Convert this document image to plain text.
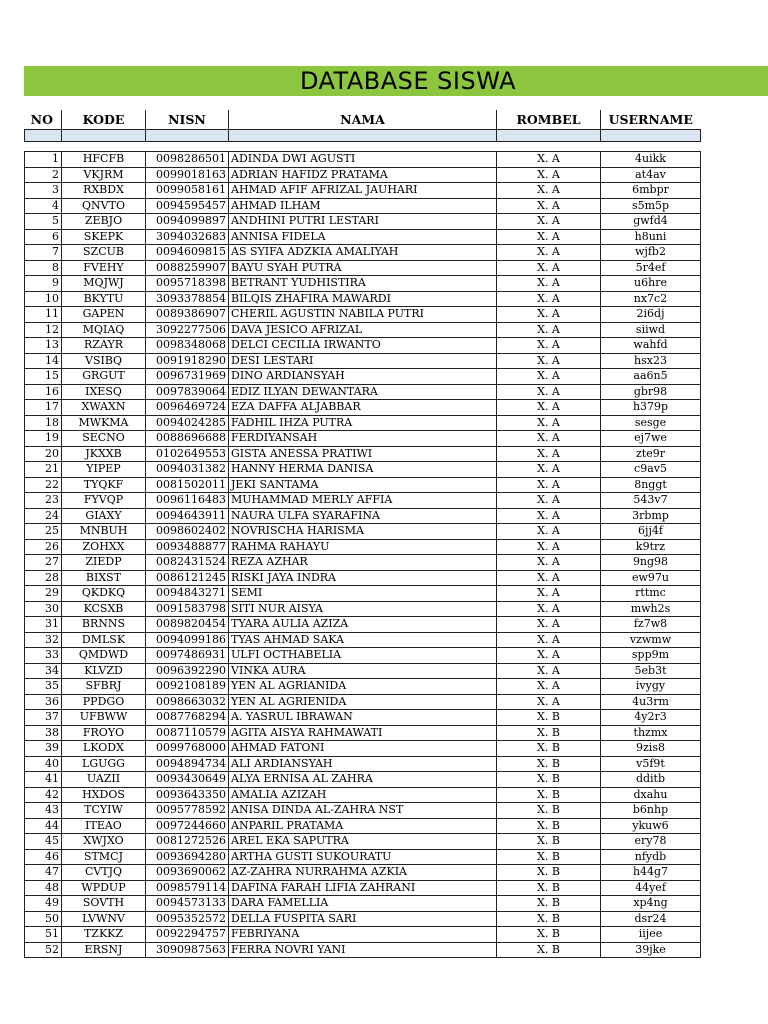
DATABASE SISWA
NO	KODE	NISN	NAMA	ROMBEL	USERNAME

1	HFCFB	0098286501	ADINDA DWI AGUSTI	X. A	4uikk
2	VKJRM	0099018163	ADRIAN HAFIDZ PRATAMA	X. A	at4av
3	RXBDX	0099058161	AHMAD AFIF AFRIZAL JAUHARI	X. A	6mbpr
4	QNVTO	0094595457	AHMAD ILHAM	X. A	s5m5p
5	ZEBJO	0094099897	ANDHINI PUTRI LESTARI	X. A	gwfd4
6	SKEPK	3094032683	ANNISA FIDELA	X. A	h8uni
7	SZCUB	0094609815	AS SYIFA ADZKIA AMALIYAH	X. A	wjfb2
8	FVEHY	0088259907	BAYU SYAH PUTRA	X. A	5r4ef
9	MQJWJ	0095718398	BETRANT YUDHISTIRA	X. A	u6hre
10	BKYTU	3093378854	BILQIS ZHAFIRA MAWARDI	X. A	nx7c2
11	GAPEN	0089386907	CHERIL AGUSTIN NABILA PUTRI	X. A	2i6dj
12	MQIAQ	3092277506	DAVA JESICO AFRIZAL	X. A	siiwd
13	RZAYR	0098348068	DELCI CECILIA IRWANTO	X. A	wahfd
14	VSIBQ	0091918290	DESI LESTARI	X. A	hsx23
15	GRGUT	0096731969	DINO ARDIANSYAH	X. A	aa6n5
16	IXESQ	0097839064	EDIZ ILYAN DEWANTARA	X. A	gbr98
17	XWAXN	0096469724	EZA DAFFA ALJABBAR	X. A	h379p
18	MWKMA	0094024285	FADHIL IHZA PUTRA	X. A	sesge
19	SECNO	0088696688	FERDIYANSAH	X. A	ej7we
20	JKXXB	0102649553	GISTA ANESSA PRATIWI	X. A	zte9r
21	YIPEP	0094031382	HANNY HERMA DANISA	X. A	c9av5
22	TYQKF	0081502011	JEKI SANTAMA	X. A	8nggt
23	FYVQP	0096116483	MUHAMMAD MERLY AFFIA	X. A	543v7
24	GIAXY	0094643911	NAURA ULFA SYARAFINA	X. A	3rbmp
25	MNBUH	0098602402	NOVRISCHA HARISMA	X. A	6jj4f
26	ZOHXX	0093488877	RAHMA RAHAYU	X. A	k9trz
27	ZIEDP	0082431524	REZA AZHAR	X. A	9ng98
28	BIXST	0086121245	RISKI JAYA INDRA	X. A	ew97u
29	QKDKQ	0094843271	SEMI	X. A	rttmc
30	KCSXB	0091583798	SITI NUR AISYA	X. A	mwh2s
31	BRNNS	0089820454	TYARA AULIA AZIZA	X. A	fz7w8
32	DMLSK	0094099186	TYAS AHMAD SAKA	X. A	vzwmw
33	QMDWD	0097486931	ULFI OCTHABELIA	X. A	spp9m
34	KLVZD	0096392290	VINKA AURA	X. A	5eb3t
35	SFBRJ	0092108189	YEN AL AGRIANIDA	X. A	ivygy
36	PPDGO	0098663032	YEN AL AGRIENIDA	X. A	4u3rm
37	UFBWW	0087768294	A. YASRUL IBRAWAN	X. B	4y2r3
38	FROYO	0087110579	AGITA AISYA RAHMAWATI	X. B	thzmx
39	LKODX	0099768000	AHMAD FATONI	X. B	9zis8
40	LGUGG	0094894734	ALI ARDIANSYAH	X. B	v5f9t
41	UAZII	0093430649	ALYA ERNISA AL ZAHRA	X. B	dditb
42	HXDOS	0093643350	AMALIA AZIZAH	X. B	dxahu
43	TCYIW	0095778592	ANISA DINDA AL-ZAHRA NST	X. B	b6nhp
44	ITEAO	0097244660	ANPARIL PRATAMA	X. B	ykuw6
45	XWJXO	0081272526	AREL EKA SAPUTRA	X. B	ery78
46	STMCJ	0093694280	ARTHA GUSTI SUKOURATU	X. B	nfydb
47	CVTJQ	0093690062	AZ-ZAHRA NURRAHMA AZKIA	X. B	h44g7
48	WPDUP	0098579114	DAFINA FARAH LIFIA ZAHRANI	X. B	44yef
49	SOVTH	0094573133	DARA FAMELLIA	X. B	xp4ng
50	LVWNV	0095352572	DELLA FUSPITA SARI	X. B	dsr24
51	TZKKZ	0092294757	FEBRIYANA	X. B	iijee
52	ERSNJ	3090987563	FERRA NOVRI YANI	X. B	39jke
